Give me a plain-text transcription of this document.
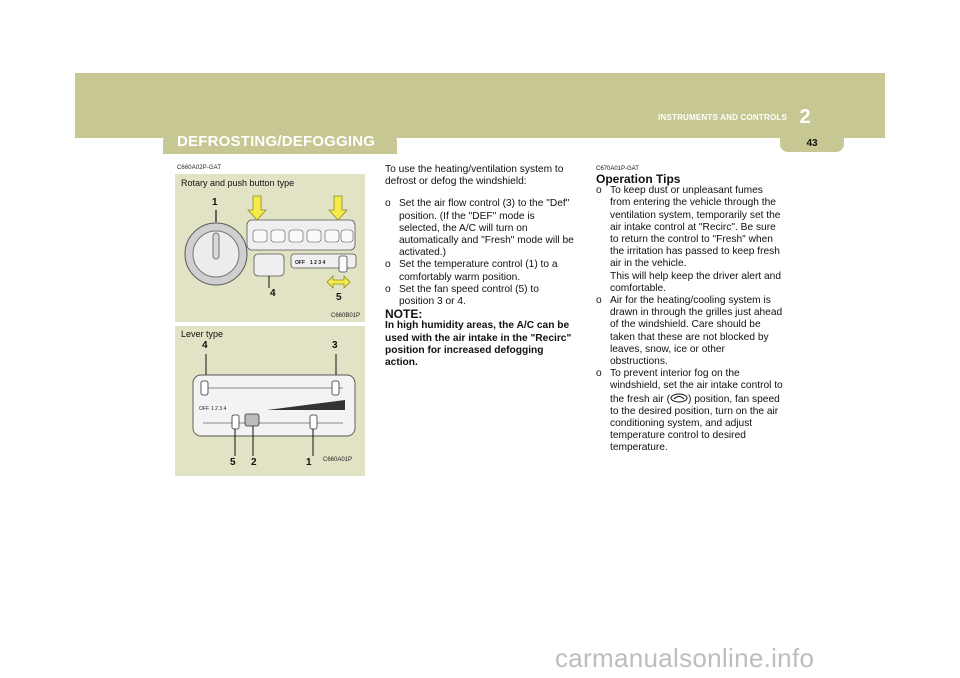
DEFROSTING/DEFOGGING
2
INSTRUMENTS AND CONTROLS
43
C660A02P-GAT
Rotary and push button type
1
4	5
C660B01P
OFF 1 2 3 4
Lever type
4	3
5 2	1 C660A01P
OFF 1 2 3 4

To use the heating/ventilation system to defrost or defog the windshield:

o Set the air flow control (3) to the "Def" position. (If the "DEF" mode is selected, the A/C will turn on automatically and "Fresh" mode will be activated.)

o Set the temperature control (1) to a comfortably warm position.

o Set the fan speed control (5) to position 3 or 4.

NOTE:

In high humidity areas, the A/C can be used with the air intake in the "Recirc" position for increased defogging action.

C670A01P-GAT

Operation Tips

o To keep dust or unpleasant fumes from entering the vehicle through the ventilation system, temporarily set the air intake control at "Recirc". Be sure to return the control to "Fresh" when the irritation has passed to keep fresh air in the vehicle.
This will help keep the driver alert and comfortable.

o Air for the heating/cooling system is drawn in through the grilles just ahead of the windshield. Care should be taken that these are not blocked by leaves, snow, ice or other obstructions.

o To prevent interior fog on the windshield, set the air intake control to the fresh air ( ) position, fan speed to the desired position, turn on the air conditioning system, and adjust temperature control to desired temperature.

carmanualsonline.info
